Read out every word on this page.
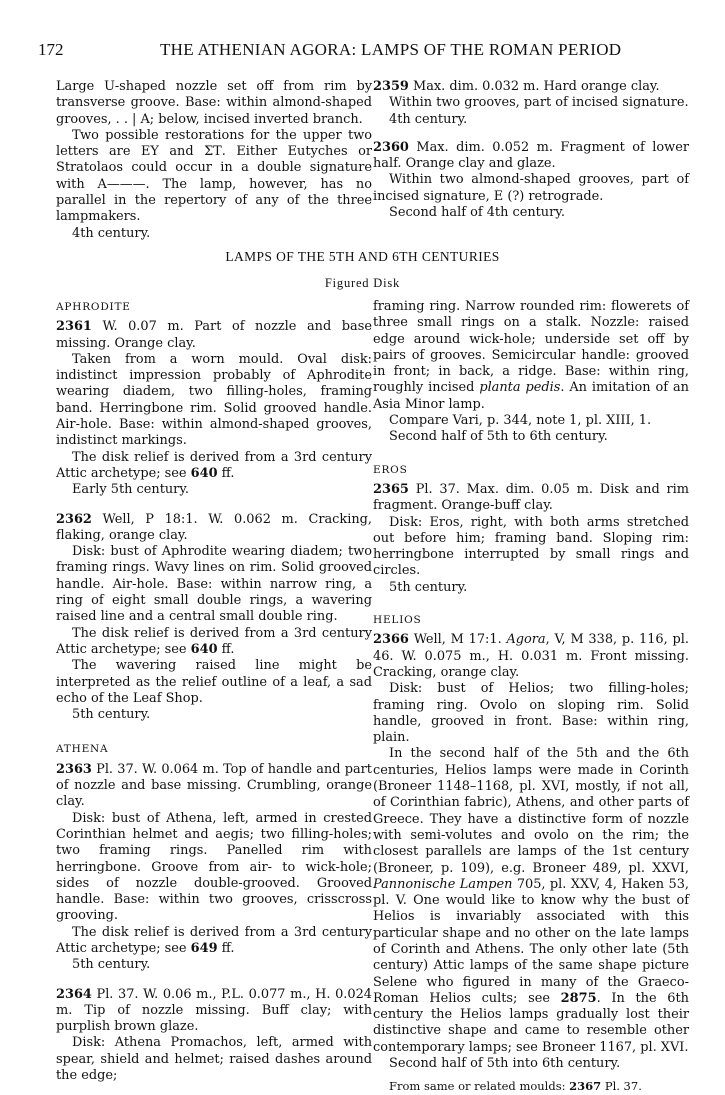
172	THE ATHENIAN AGORA: LAMPS OF THE ROMAN PERIOD

Large U-shaped nozzle set off from rim by transverse groove. Base: within almond-shaped grooves, . . | A; below, incised inverted branch.

Two possible restorations for the upper two letters are ΕΥ and ΣΤ. Either Eutyches or Stratolaos could occur in a double signature with Α———. The lamp, however, has no parallel in the repertory of any of the three lampmakers.

4th century.

2359 Max. dim. 0.032 m. Hard orange clay.

Within two grooves, part of incised signature.

4th century.

2360 Max. dim. 0.052 m. Fragment of lower half. Orange clay and glaze.

Within two almond-shaped grooves, part of incised signature, Ε (?) retrograde.

Second half of 4th century.

LAMPS OF THE 5TH AND 6TH CENTURIES
Figured Disk

APHRODITE

2361 W. 0.07 m. Part of nozzle and base missing. Orange clay.

Taken from a worn mould. Oval disk: indistinct impression probably of Aphrodite wearing diadem, two filling-holes, framing band. Herringbone rim. Solid grooved handle. Air-hole. Base: within almond-shaped grooves, indistinct markings.

The disk relief is derived from a 3rd century Attic archetype; see 640 ff.

Early 5th century.

2362 Well, P 18:1. W. 0.062 m. Cracking, flaking, orange clay.

Disk: bust of Aphrodite wearing diadem; two framing rings. Wavy lines on rim. Solid grooved handle. Air-hole. Base: within narrow ring, a ring of eight small double rings, a wavering raised line and a central small double ring.

The disk relief is derived from a 3rd century Attic archetype; see 640 ff.

The wavering raised line might be interpreted as the relief outline of a leaf, a sad echo of the Leaf Shop.

5th century.

ATHENA

2363 Pl. 37. W. 0.064 m. Top of handle and part of nozzle and base missing. Crumbling, orange clay.

Disk: bust of Athena, left, armed in crested Corinthian helmet and aegis; two filling-holes; two framing rings. Panelled rim with herringbone. Groove from air- to wick-hole; sides of nozzle double-grooved. Grooved handle. Base: within two grooves, crisscross grooving.

The disk relief is derived from a 3rd century Attic archetype; see 649 ff.

5th century.

2364 Pl. 37. W. 0.06 m., P.L. 0.077 m., H. 0.024 m. Tip of nozzle missing. Buff clay; with purplish brown glaze.

Disk: Athena Promachos, left, armed with spear, shield and helmet; raised dashes around the edge;

framing ring. Narrow rounded rim: flowerets of three small rings on a stalk. Nozzle: raised edge around wick-hole; underside set off by pairs of grooves. Semicircular handle: grooved in front; in back, a ridge. Base: within ring, roughly incised planta pedis. An imitation of an Asia Minor lamp.

Compare Vari, p. 344, note 1, pl. XIII, 1.

Second half of 5th to 6th century.

EROS

2365 Pl. 37. Max. dim. 0.05 m. Disk and rim fragment. Orange-buff clay.

Disk: Eros, right, with both arms stretched out before him; framing band. Sloping rim: herringbone interrupted by small rings and circles.

5th century.

HELIOS

2366 Well, M 17:1. Agora, V, M 338, p. 116, pl. 46. W. 0.075 m., H. 0.031 m. Front missing. Cracking, orange clay.

Disk: bust of Helios; two filling-holes; framing ring. Ovolo on sloping rim. Solid handle, grooved in front. Base: within ring, plain.

In the second half of the 5th and the 6th centuries, Helios lamps were made in Corinth (Broneer 1148–1168, pl. XVI, mostly, if not all, of Corinthian fabric), Athens, and other parts of Greece. They have a distinctive form of nozzle with semi-volutes and ovolo on the rim; the closest parallels are lamps of the 1st century (Broneer, p. 109), e.g. Broneer 489, pl. XXVI, Pannonische Lampen 705, pl. XXV, 4, Haken 53, pl. V. One would like to know why the bust of Helios is invariably associated with this particular shape and no other on the late lamps of Corinth and Athens. The only other late (5th century) Attic lamps of the same shape picture Selene who figured in many of the Graeco-Roman Helios cults; see 2875. In the 6th century the Helios lamps gradually lost their distinctive shape and came to resemble other contemporary lamps; see Broneer 1167, pl. XVI.

Second half of 5th into 6th century.

From same or related moulds: 2367 Pl. 37.
